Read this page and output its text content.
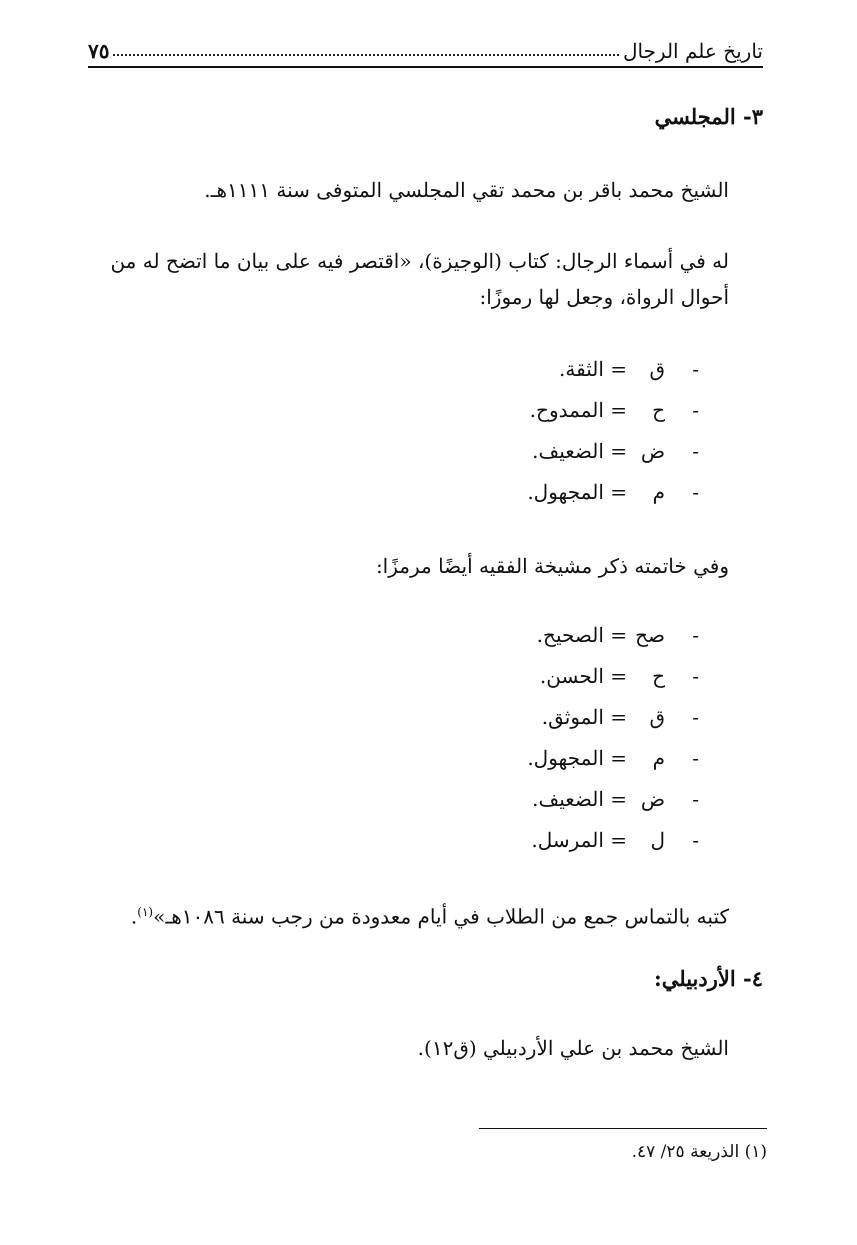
تاريخ علم الرجال
٧٥
٣- المجلسي
الشيخ محمد باقر بن محمد تقي المجلسي المتوفى سنة ١١١١هـ.
له في أسماء الرجال: كتاب (الوجيزة)، «اقتصر فيه على بيان ما اتضح له من أحوال الرواة، وجعل لها رموزًا:
-
ق
= الثقة.
-
ح
= الممدوح.
-
ض
= الضعيف.
-
م
= المجهول.
وفي خاتمته ذكر مشيخة الفقيه أيضًا مرمزًا:
-
صح
= الصحيح.
-
ح
= الحسن.
-
ق
= الموثق.
-
م
= المجهول.
-
ض
= الضعيف.
-
ل
= المرسل.
كتبه بالتماس جمع من الطلاب في أيام معدودة من رجب سنة ١٠٨٦هـ»$^{(١)}$.
٤- الأردبيلي:
الشيخ محمد بن علي الأردبيلي (ق١٢).
(١) الذريعة ٢٥/ ٤٧.
